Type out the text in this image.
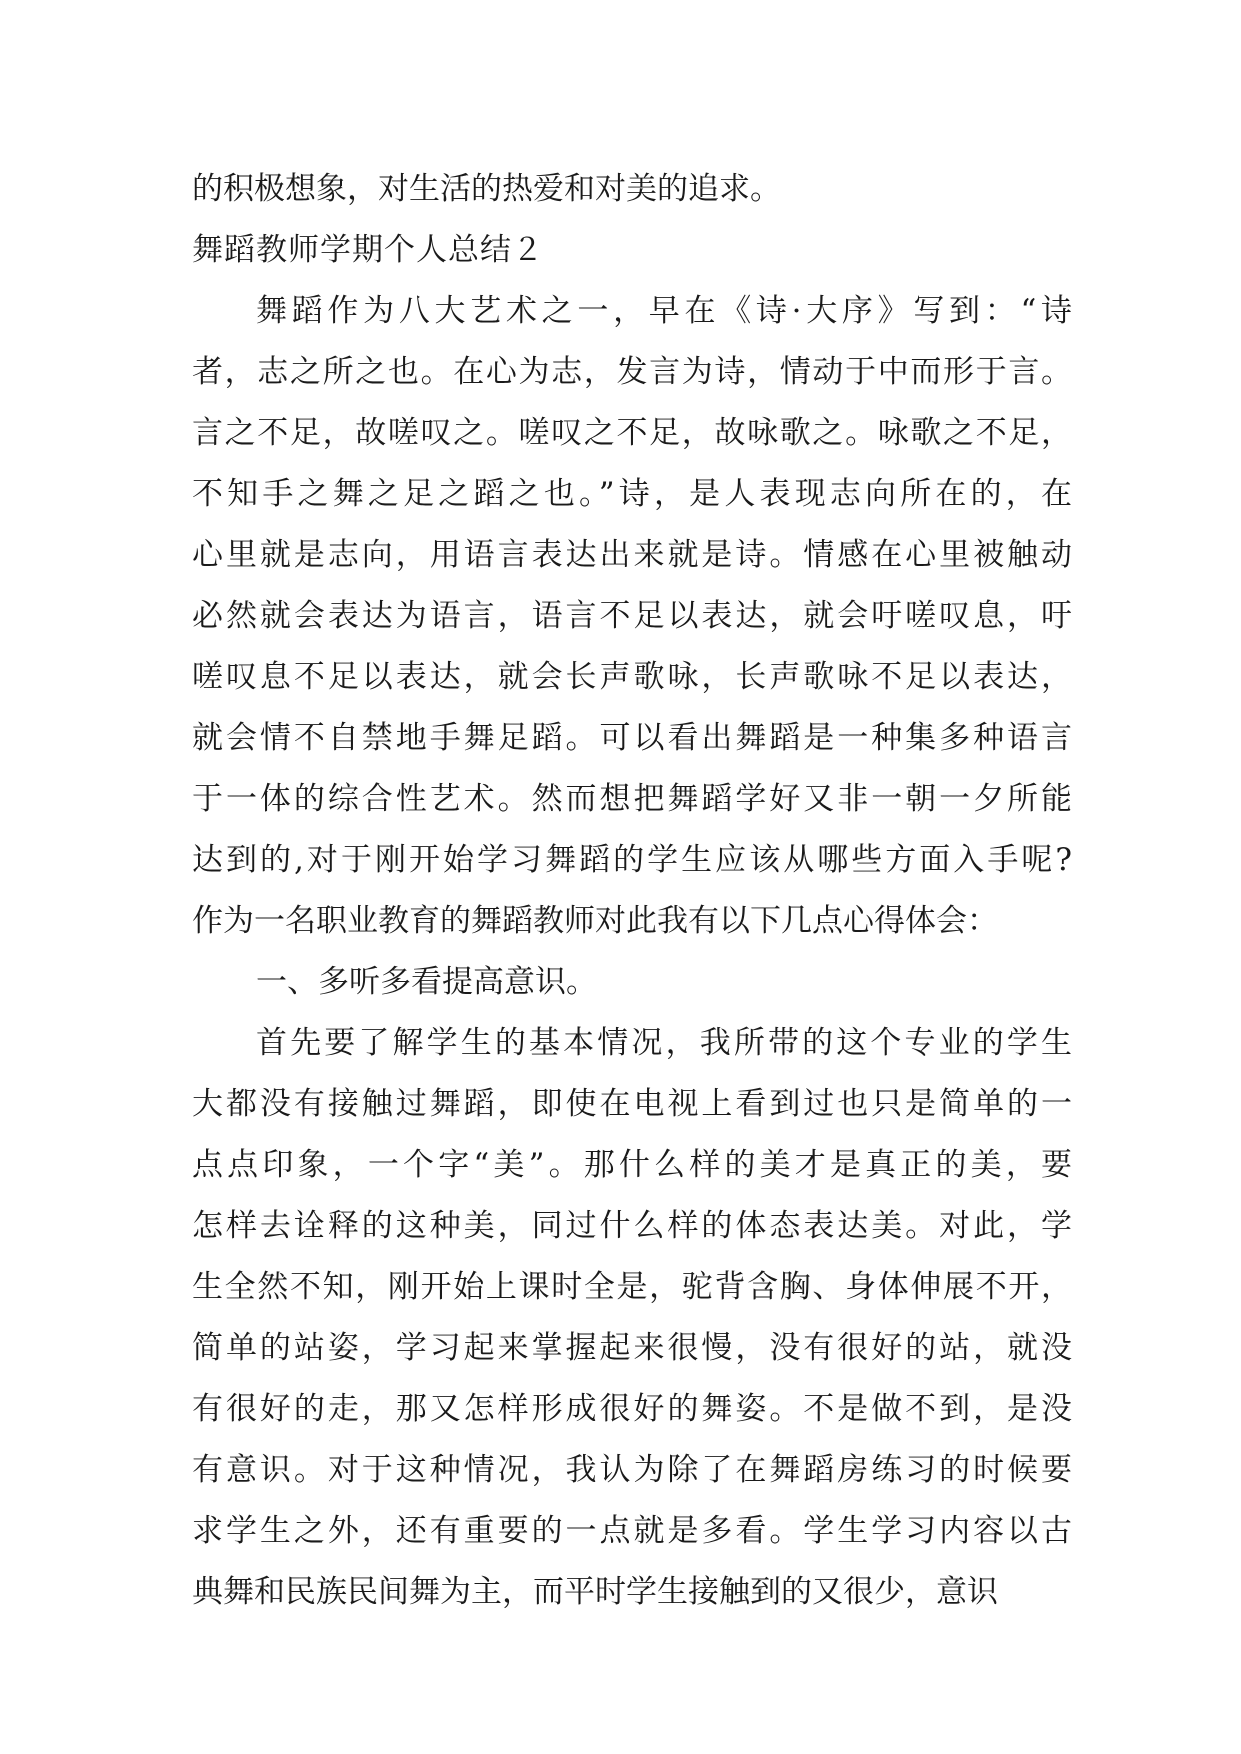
的积极想象，对生活的热爱和对美的追求。
舞蹈教师学期个人总结２
舞蹈作为八大艺术之一，早在《诗·大序》写到：“诗
者，志之所之也。在心为志，发言为诗，情动于中而形于言。
言之不足，故嗟叹之。嗟叹之不足，故咏歌之。咏歌之不足，
不知手之舞之足之蹈之也。”诗，是人表现志向所在的，在
心里就是志向，用语言表达出来就是诗。情感在心里被触动
必然就会表达为语言，语言不足以表达，就会吁嗟叹息，吁
嗟叹息不足以表达，就会长声歌咏，长声歌咏不足以表达，
就会情不自禁地手舞足蹈。可以看出舞蹈是一种集多种语言
于一体的综合性艺术。然而想把舞蹈学好又非一朝一夕所能
达到的,对于刚开始学习舞蹈的学生应该从哪些方面入手呢?
作为一名职业教育的舞蹈教师对此我有以下几点心得体会：
一、多听多看提高意识。
首先要了解学生的基本情况，我所带的这个专业的学生
大都没有接触过舞蹈，即使在电视上看到过也只是简单的一
点点印象，一个字“美”。那什么样的美才是真正的美，要
怎样去诠释的这种美，同过什么样的体态表达美。对此，学
生全然不知，刚开始上课时全是，驼背含胸、身体伸展不开，
简单的站姿，学习起来掌握起来很慢，没有很好的站，就没
有很好的走，那又怎样形成很好的舞姿。不是做不到，是没
有意识。对于这种情况，我认为除了在舞蹈房练习的时候要
求学生之外，还有重要的一点就是多看。学生学习内容以古
典舞和民族民间舞为主，而平时学生接触到的又很少，意识
